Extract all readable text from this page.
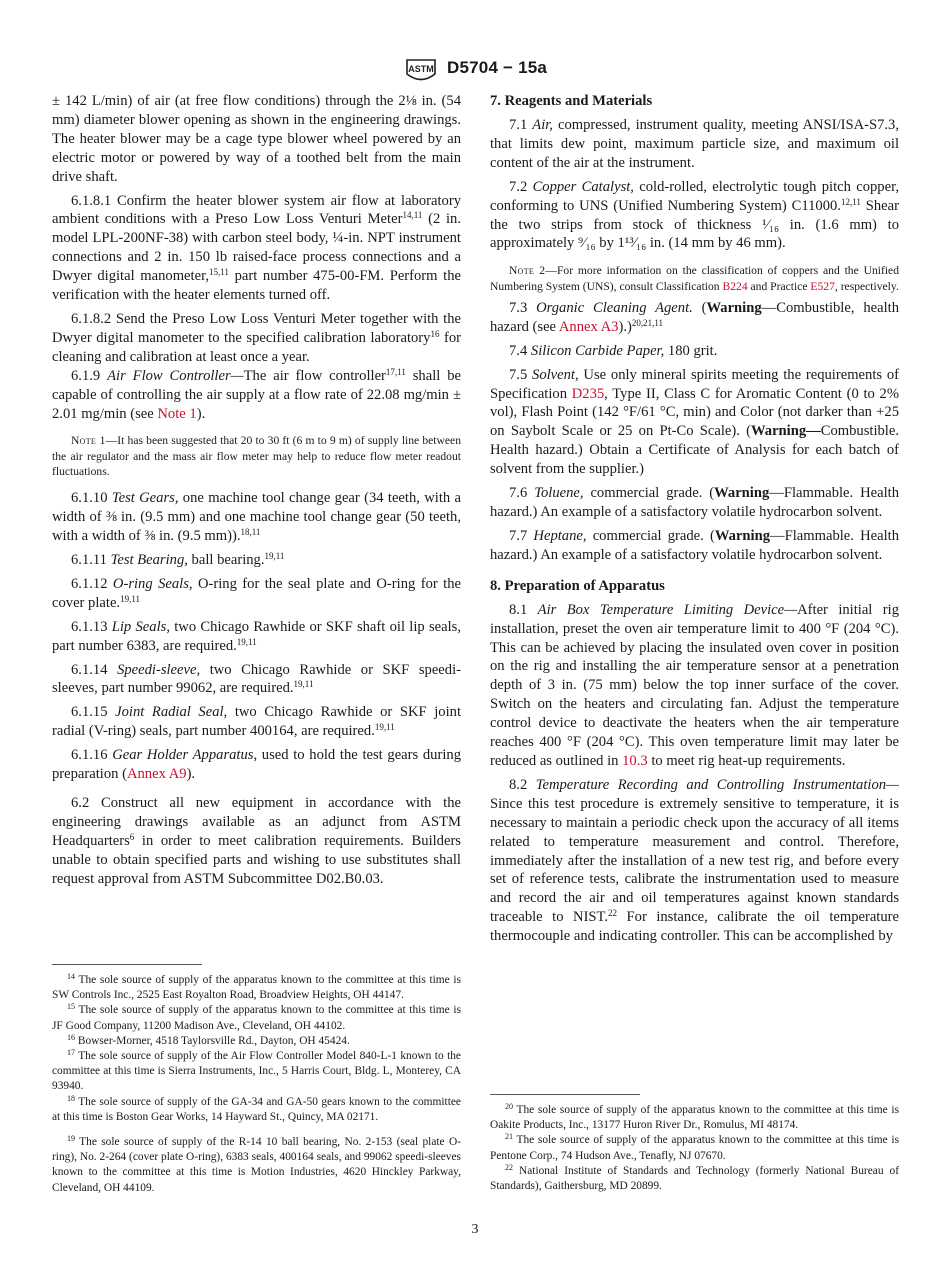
ASTM D5704 − 15a

± 142 L/min) of air (at free flow conditions) through the 2⅛ in. (54 mm) diameter blower opening as shown in the engineering drawings. The heater blower may be a cage type blower wheel powered by an electric motor or powered by way of a toothed belt from the main drive shaft.

6.1.8.1 Confirm the heater blower system air flow at laboratory ambient conditions with a Preso Low Loss Venturi Meter$^{14,11}$ (2 in. model LPL-200NF-38) with carbon steel body, ¼-in. NPT instrument connections and 2 in. 150 lb raised-face process connections and a Dwyer digital manometer,$^{15,11}$ part number 475-00-FM. Perform the verification with the heater elements turned off.

6.1.8.2 Send the Preso Low Loss Venturi Meter together with the Dwyer digital manometer to the specified calibration laboratory$^{16}$ for cleaning and calibration at least once a year.

6.1.9 Air Flow Controller—The air flow controller$^{17,11}$ shall be capable of controlling the air supply at a flow rate of 22.08 mg/min ± 2.01 mg/min (see Note 1).

Note 1—It has been suggested that 20 to 30 ft (6 m to 9 m) of supply line between the air regulator and the mass air flow meter may help to reduce flow meter readout fluctuations.

6.1.10 Test Gears, one machine tool change gear (34 teeth, with a width of ⅜ in. (9.5 mm) and one machine tool change gear (50 teeth, with a width of ⅜ in. (9.5 mm)).$^{18,11}$

6.1.11 Test Bearing, ball bearing.$^{19,11}$

6.1.12 O-ring Seals, O-ring for the seal plate and O-ring for the cover plate.$^{19,11}$

6.1.13 Lip Seals, two Chicago Rawhide or SKF shaft oil lip seals, part number 6383, are required.$^{19,11}$

6.1.14 Speedi-sleeve, two Chicago Rawhide or SKF speedi-sleeves, part number 99062, are required.$^{19,11}$

6.1.15 Joint Radial Seal, two Chicago Rawhide or SKF joint radial (V-ring) seals, part number 400164, are required.$^{19,11}$

6.1.16 Gear Holder Apparatus, used to hold the test gears during preparation (Annex A9).

6.2 Construct all new equipment in accordance with the engineering drawings available as an adjunct from ASTM Headquarters$^6$ in order to meet calibration requirements. Builders unable to obtain specified parts and wishing to use substitutes shall request approval from ASTM Subcommittee D02.B0.03.

$^{14}$ The sole source of supply of the apparatus known to the committee at this time is SW Controls Inc., 2525 East Royalton Road, Broadview Heights, OH 44147.

$^{15}$ The sole source of supply of the apparatus known to the committee at this time is JF Good Company, 11200 Madison Ave., Cleveland, OH 44102.

$^{16}$ Bowser-Morner, 4518 Taylorsville Rd., Dayton, OH 45424.

$^{17}$ The sole source of supply of the Air Flow Controller Model 840-L-1 known to the committee at this time is Sierra Instruments, Inc., 5 Harris Court, Bldg. L, Monterey, CA 93940.

$^{18}$ The sole source of supply of the GA-34 and GA-50 gears known to the committee at this time is Boston Gear Works, 14 Hayward St., Quincy, MA 02171.

$^{19}$ The sole source of supply of the R-14 10 ball bearing, No. 2-153 (seal plate O-ring), No. 2-264 (cover plate O-ring), 6383 seals, 400164 seals, and 99062 speedi-sleeves known to the committee at this time is Motion Industries, 4620 Hinckley Parkway, Cleveland, OH 44109.

7. Reagents and Materials

7.1 Air, compressed, instrument quality, meeting ANSI/ISA-S7.3, that limits dew point, maximum particle size, and maximum oil content of the air at the instrument.

7.2 Copper Catalyst, cold-rolled, electrolytic tough pitch copper, conforming to UNS (Unified Numbering System) C11000.$^{12,11}$ Shear the two strips from stock of thickness ¹⁄₁₆ in. (1.6 mm) to approximately ⁹⁄₁₆ by 1¹³⁄₁₆ in. (14 mm by 46 mm).

Note 2—For more information on the classification of coppers and the Unified Numbering System (UNS), consult Classification B224 and Practice E527, respectively.

7.3 Organic Cleaning Agent. (Warning—Combustible, health hazard (see Annex A3).)$^{20,21,11}$

7.4 Silicon Carbide Paper, 180 grit.

7.5 Solvent, Use only mineral spirits meeting the requirements of Specification D235, Type II, Class C for Aromatic Content (0 to 2% vol), Flash Point (142 °F/61 °C, min) and Color (not darker than +25 on Saybolt Scale or 25 on Pt-Co Scale). (Warning—Combustible. Health hazard.) Obtain a Certificate of Analysis for each batch of solvent from the supplier.)

7.6 Toluene, commercial grade. (Warning—Flammable. Health hazard.) An example of a satisfactory volatile hydrocarbon solvent.

7.7 Heptane, commercial grade. (Warning—Flammable. Health hazard.) An example of a satisfactory volatile hydrocarbon solvent.

8. Preparation of Apparatus

8.1 Air Box Temperature Limiting Device—After initial rig installation, preset the oven air temperature limit to 400 °F (204 °C). This can be achieved by placing the insulated oven cover in position on the rig and installing the air temperature sensor at a penetration depth of 3 in. (75 mm) below the top inner surface of the cover. Switch on the heaters and circulating fan. Adjust the temperature control device to deactivate the heaters when the air temperature reaches 400 °F (204 °C). This oven temperature limit may later be reduced as outlined in 10.3 to meet rig heat-up requirements.

8.2 Temperature Recording and Controlling Instrumentation—Since this test procedure is extremely sensitive to temperature, it is necessary to maintain a periodic check upon the accuracy of all items related to temperature measurement and control. Therefore, immediately after the installation of a new test rig, and before every set of reference tests, calibrate the instrumentation used to measure and record the air and oil temperatures against known standards traceable to NIST.$^{22}$ For instance, calibrate the oil temperature thermocouple and indicating controller. This can be accomplished by

$^{20}$ The sole source of supply of the apparatus known to the committee at this time is Oakite Products, Inc., 13177 Huron River Dr., Romulus, MI 48174.

$^{21}$ The sole source of supply of the apparatus known to the committee at this time is Pentone Corp., 74 Hudson Ave., Tenafly, NJ 07670.

$^{22}$ National Institute of Standards and Technology (formerly National Bureau of Standards), Gaithersburg, MD 20899.

3
